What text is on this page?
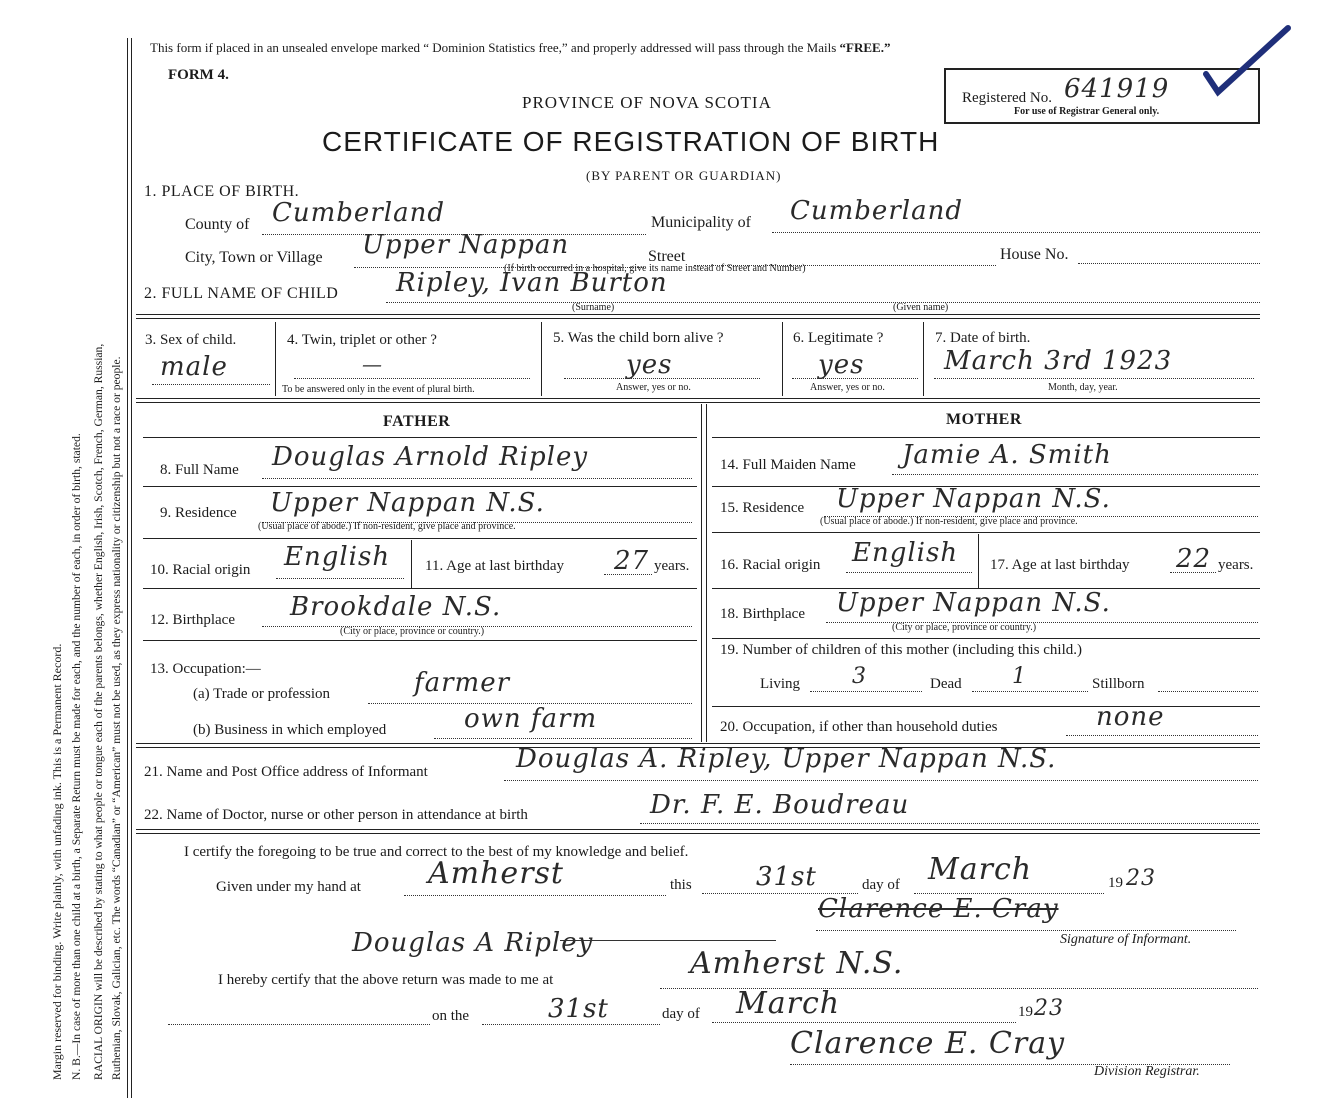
Margin reserved for binding. Write plainly, with unfading ink. This is a Permanent Record. N. B.—In case of more than one child at a birth, a Separate Return must be made for each, and the number of each, in order of birth, stated. RACIAL ORIGIN will be described by stating to what people or tongue each of the parents belongs, whether English, Irish, Scotch, French, German, Russian, Ruthenian, Slovak, Galician, etc. The words “Canadian” or “American” must not be used, as they express nationality or citizenship but not a race or people.
This form if placed in an unsealed envelope marked “ Dominion Statistics free,” and properly addressed will pass through the Mails “FREE.”
FORM 4.
PROVINCE OF NOVA SCOTIA
CERTIFICATE OF REGISTRATION OF BIRTH
(BY PARENT OR GUARDIAN)
Registered No. 641919
For use of Registrar General only.
1. PLACE OF BIRTH.
County of Cumberland	Municipality of Cumberland
City, Town or Village Upper Nappan	Street	House No.
(If birth occurred in a hospital, give its name instead of Street and Number)
2. FULL NAME OF CHILD Ripley, Ivan Burton
(Surname)	(Given name)
3. Sex of child.
male
4. Twin, triplet or other ?
—
To be answered only in the event of plural birth.
5. Was the child born alive ?
yes
Answer, yes or no.
6. Legitimate ?
yes
Answer, yes or no.
7. Date of birth.
March 3rd 1923
Month, day, year.
FATHER	MOTHER
8. Full Name Douglas Arnold Ripley
9. Residence Upper Nappan N.S.
(Usual place of abode.) If non-resident, give place and province.
10. Racial origin English 11. Age at last birthday 27 years.
12. Birthplace Brookdale N.S.
(City or place, province or country.)
13. Occupation:—
(a) Trade or profession	farmer
(b) Business in which employed	own farm
14. Full Maiden Name Jamie A. Smith
15. Residence Upper Nappan N.S.
(Usual place of abode.) If non-resident, give place and province.
16. Racial origin English 17. Age at last birthday 22 years.
18. Birthplace Upper Nappan N.S.
(City or place, province or country.)
19. Number of children of this mother (including this child.)
Living 3	Dead 1	Stillborn
20. Occupation, if other than household duties	none
21. Name and Post Office address of Informant	Douglas A. Ripley, Upper Nappan N.S.
22. Name of Doctor, nurse or other person in attendance at birth	Dr. F. E. Boudreau
I certify the foregoing to be true and correct to the best of my knowledge and belief.
Given under my hand at Amherst	this 31st	day of March	19 23
Clarence E. Cray
Signature of Informant.
Douglas A Ripley
I hereby certify that the above return was made to me at	Amherst N.S.
on the	31st	day of March	19 23
Clarence E. Cray
Division Registrar.
